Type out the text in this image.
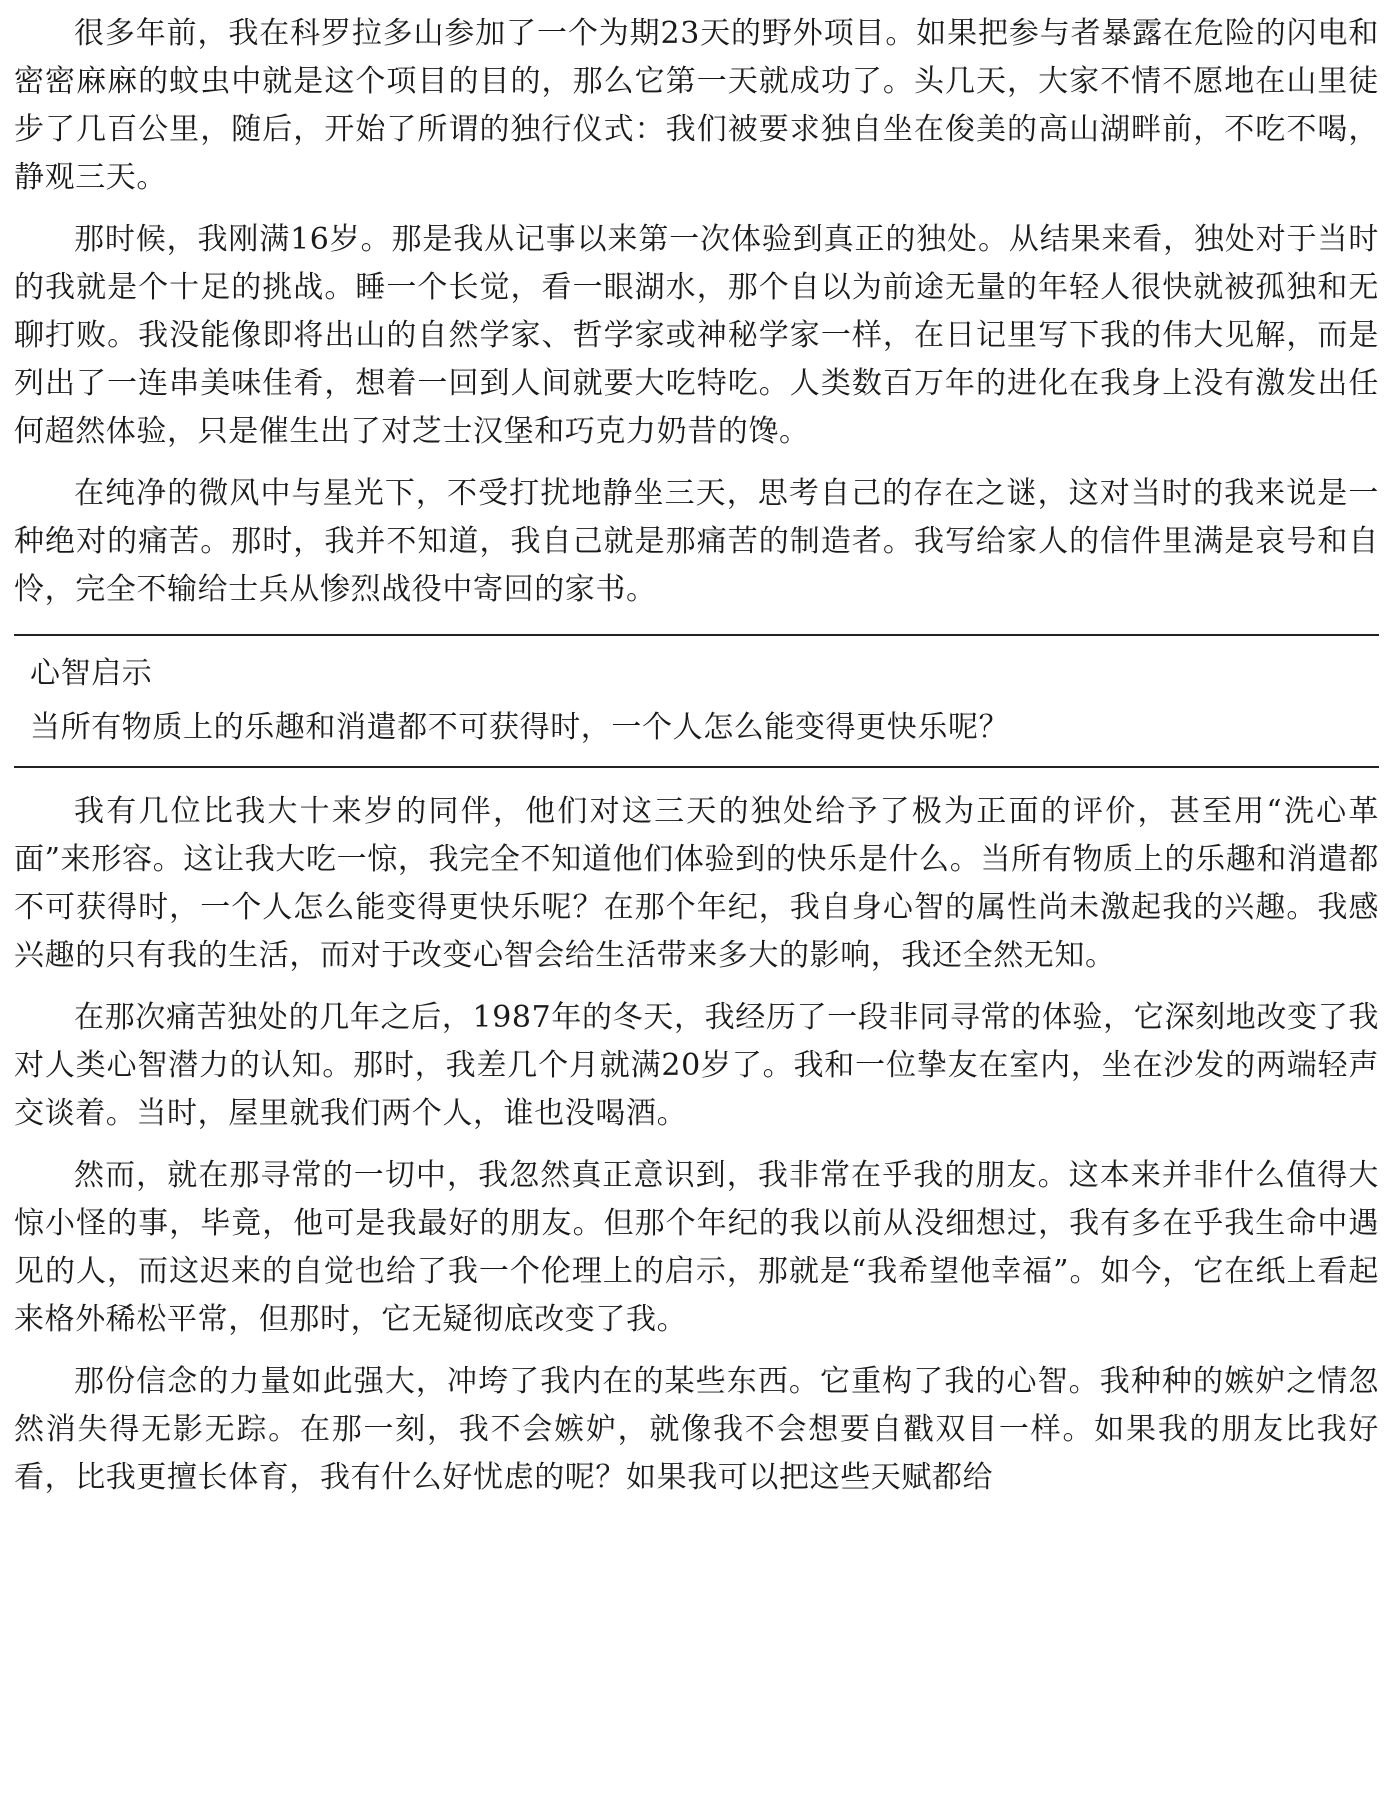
很多年前，我在科罗拉多山参加了一个为期23天的野外项目。如果把参与者暴露在危险的闪电和密密麻麻的蚊虫中就是这个项目的目的，那么它第一天就成功了。头几天，大家不情不愿地在山里徒步了几百公里，随后，开始了所谓的独行仪式：我们被要求独自坐在俊美的高山湖畔前，不吃不喝，静观三天。

那时候，我刚满16岁。那是我从记事以来第一次体验到真正的独处。从结果来看，独处对于当时的我就是个十足的挑战。睡一个长觉，看一眼湖水，那个自以为前途无量的年轻人很快就被孤独和无聊打败。我没能像即将出山的自然学家、哲学家或神秘学家一样，在日记里写下我的伟大见解，而是列出了一连串美味佳肴，想着一回到人间就要大吃特吃。人类数百万年的进化在我身上没有激发出任何超然体验，只是催生出了对芝士汉堡和巧克力奶昔的馋。

在纯净的微风中与星光下，不受打扰地静坐三天，思考自己的存在之谜，这对当时的我来说是一种绝对的痛苦。那时，我并不知道，我自己就是那痛苦的制造者。我写给家人的信件里满是哀号和自怜，完全不输给士兵从惨烈战役中寄回的家书。

心智启示
当所有物质上的乐趣和消遣都不可获得时，一个人怎么能变得更快乐呢？

我有几位比我大十来岁的同伴，他们对这三天的独处给予了极为正面的评价，甚至用“洗心革面”来形容。这让我大吃一惊，我完全不知道他们体验到的快乐是什么。当所有物质上的乐趣和消遣都不可获得时，一个人怎么能变得更快乐呢？在那个年纪，我自身心智的属性尚未激起我的兴趣。我感兴趣的只有我的生活，而对于改变心智会给生活带来多大的影响，我还全然无知。

在那次痛苦独处的几年之后，1987年的冬天，我经历了一段非同寻常的体验，它深刻地改变了我对人类心智潜力的认知。那时，我差几个月就满20岁了。我和一位挚友在室内，坐在沙发的两端轻声交谈着。当时，屋里就我们两个人，谁也没喝酒。

然而，就在那寻常的一切中，我忽然真正意识到，我非常在乎我的朋友。这本来并非什么值得大惊小怪的事，毕竟，他可是我最好的朋友。但那个年纪的我以前从没细想过，我有多在乎我生命中遇见的人，而这迟来的自觉也给了我一个伦理上的启示，那就是“我希望他幸福”。如今，它在纸上看起来格外稀松平常，但那时，它无疑彻底改变了我。

那份信念的力量如此强大，冲垮了我内在的某些东西。它重构了我的心智。我种种的嫉妒之情忽然消失得无影无踪。在那一刻，我不会嫉妒，就像我不会想要自戳双目一样。如果我的朋友比我好看，比我更擅长体育，我有什么好忧虑的呢？如果我可以把这些天赋都给
